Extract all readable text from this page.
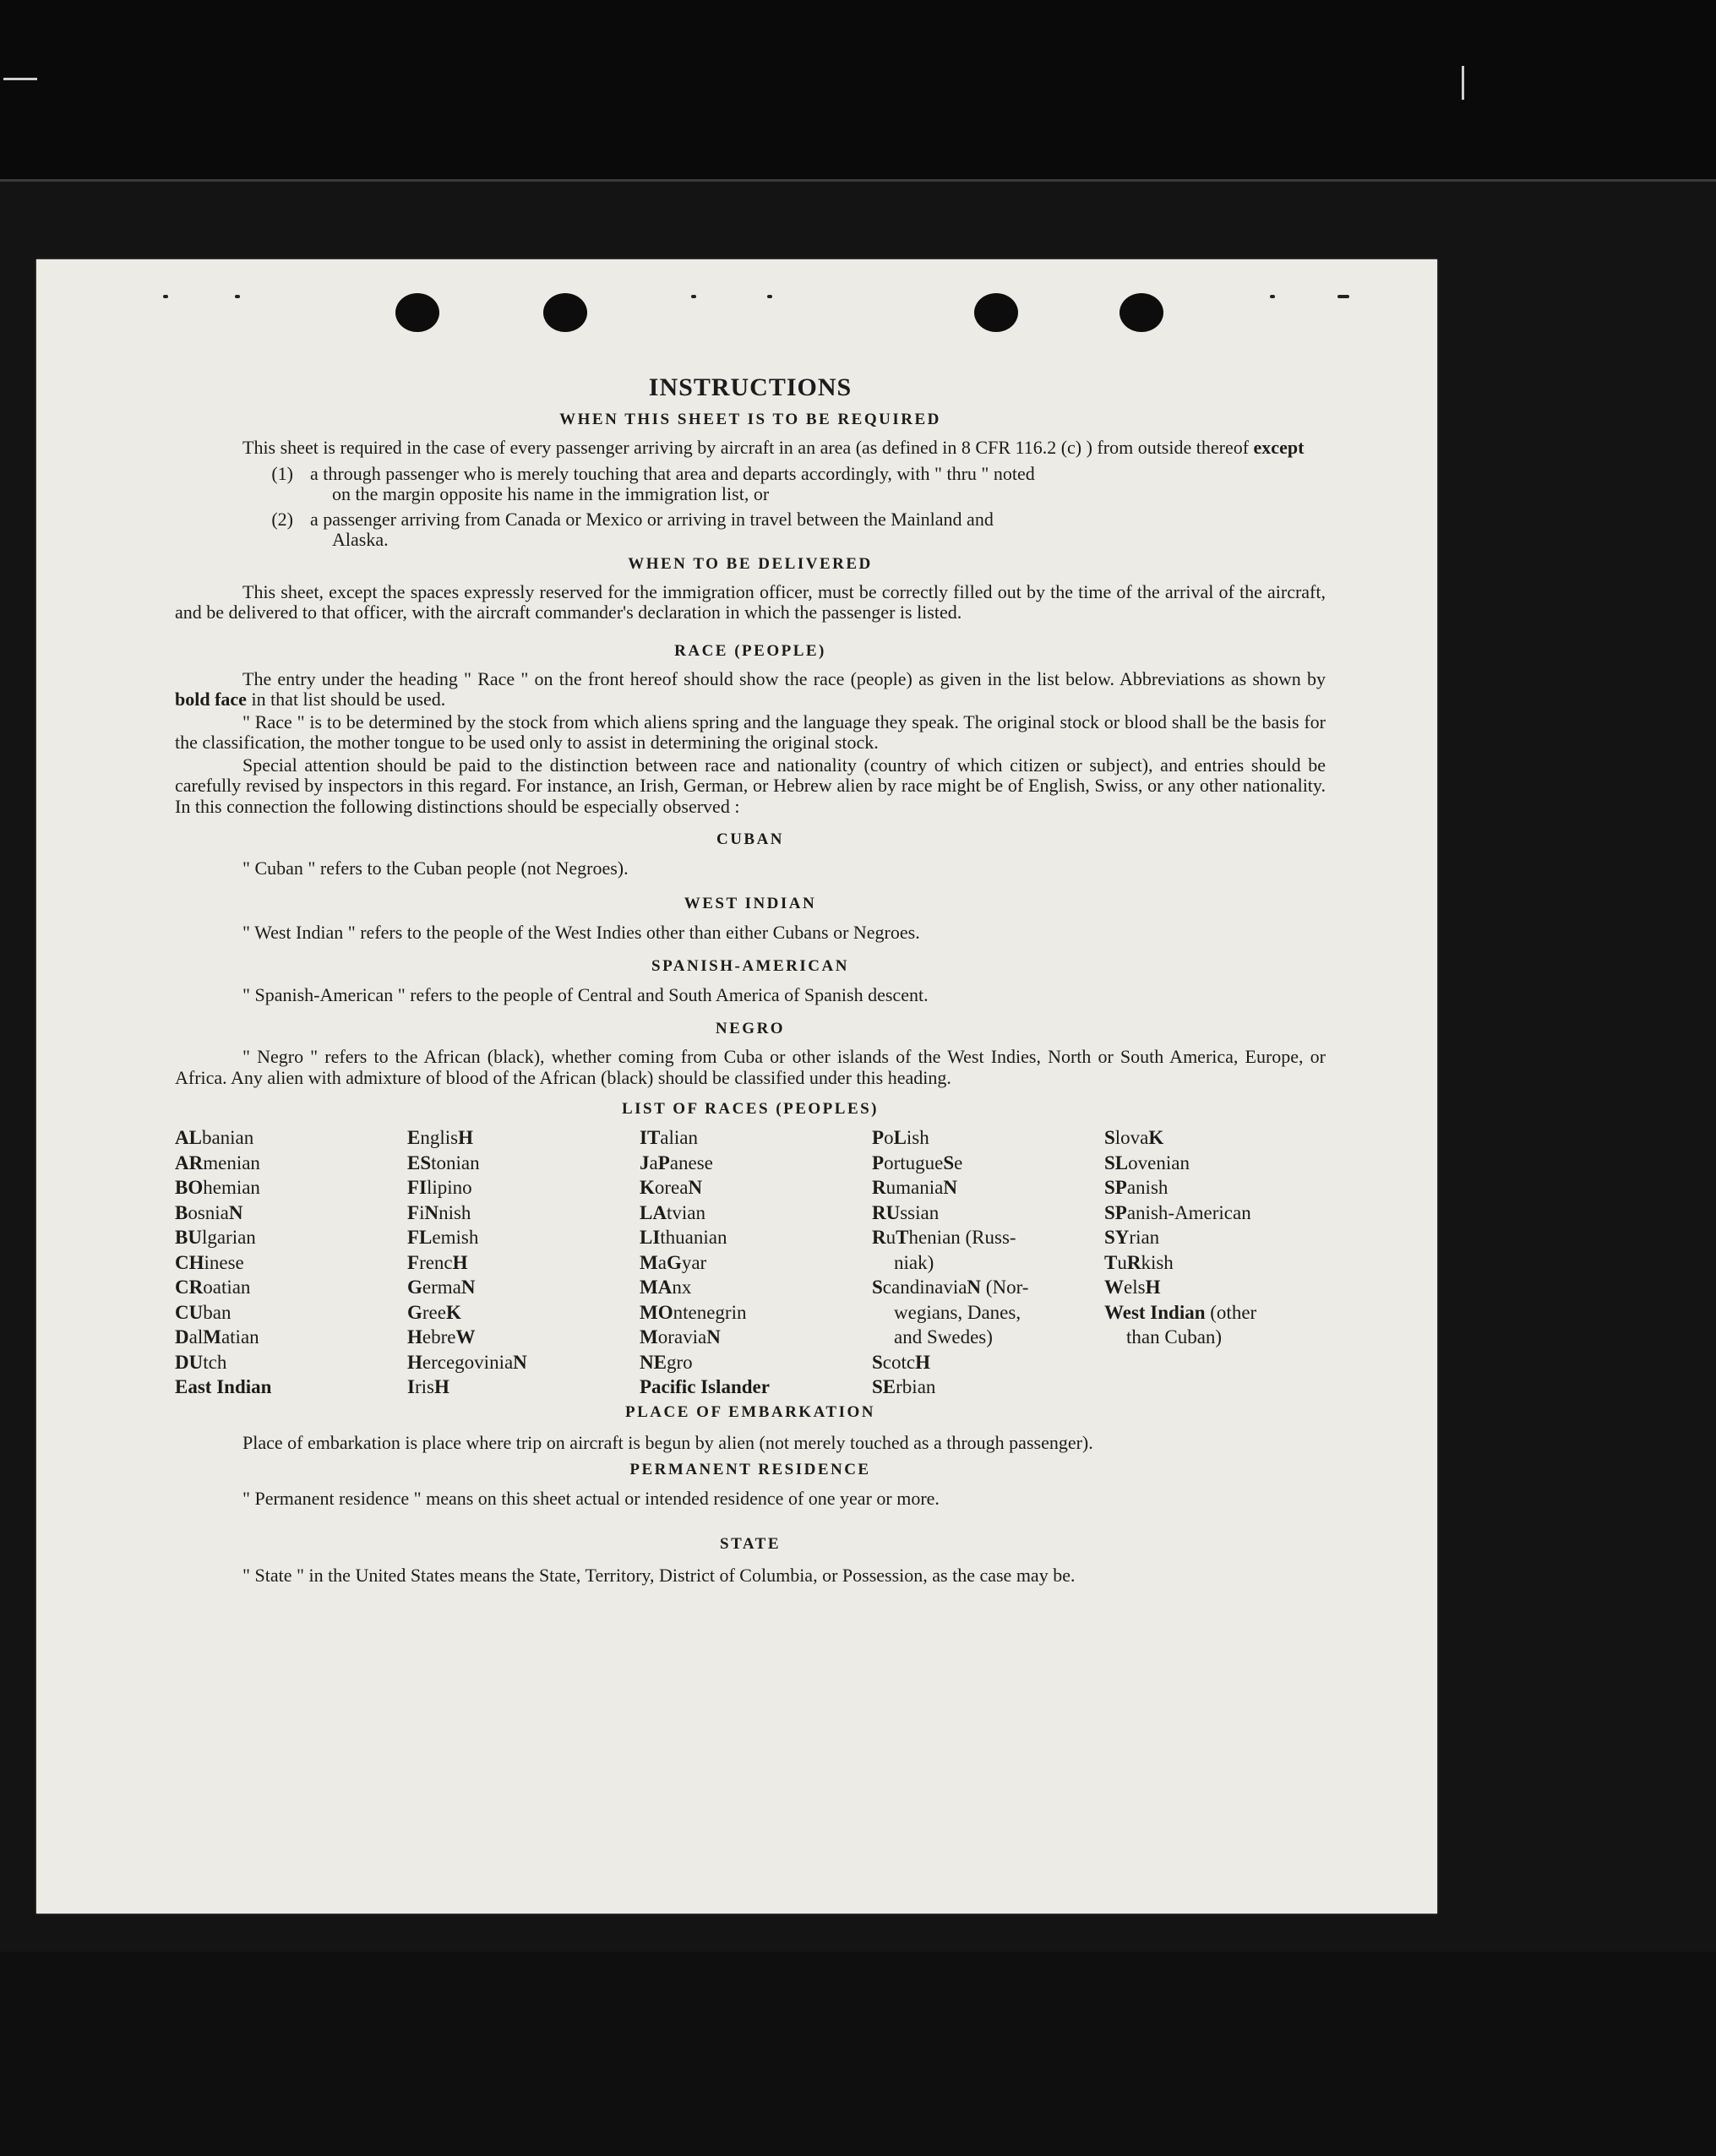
INSTRUCTIONS
WHEN THIS SHEET IS TO BE REQUIRED

This sheet is required in the case of every passenger arriving by aircraft in an area (as defined in 8 CFR 116.2 (c) ) from outside thereof except

(1) a through passenger who is merely touching that area and departs accordingly, with " thru " noted
on the margin opposite his name in the immigration list, or
(2) a passenger arriving from Canada or Mexico or arriving in travel between the Mainland and
Alaska.
WHEN TO BE DELIVERED

This sheet, except the spaces expressly reserved for the immigration officer, must be correctly filled out by the time of the arrival of the aircraft, and be delivered to that officer, with the aircraft commander's declaration in which the passenger is listed.

RACE (PEOPLE)

The entry under the heading " Race " on the front hereof should show the race (people) as given in the list below. Abbreviations as shown by bold face in that list should be used.

" Race " is to be determined by the stock from which aliens spring and the language they speak. The original stock or blood shall be the basis for the classification, the mother tongue to be used only to assist in determining the original stock.

Special attention should be paid to the distinction between race and nationality (country of which citizen or subject), and entries should be carefully revised by inspectors in this regard. For instance, an Irish, German, or Hebrew alien by race might be of English, Swiss, or any other nationality. In this connection the following distinctions should be especially observed :

CUBAN
" Cuban " refers to the Cuban people (not Negroes).
WEST INDIAN
" West Indian " refers to the people of the West Indies other than either Cubans or Negroes.
SPANISH-AMERICAN
" Spanish-American " refers to the people of Central and South America of Spanish descent.
NEGRO

" Negro " refers to the African (black), whether coming from Cuba or other islands of the West Indies, North or South America, Europe, or Africa. Any alien with admixture of blood of the African (black) should be classified under this heading.

LIST OF RACES (PEOPLES)
ALbanian
ARmenian
BOhemian
BosniaN
BUlgarian
CHinese
CRoatian
CUban
DalMatian
DUtch
East Indian
EnglisH
EStonian
FIlipino
FiNnish
FLemish
FrencH
GermaN
GreeK
HebreW
HercegoviniaN
IrisH
ITalian
JaPanese
KoreaN
LAtvian
LIthuanian
MaGyar
MAnx
MOntenegrin
MoraviaN
NEgro
Pacific Islander
PoLish
PortugueSe
RumaniaN
RUssian
RuThenian (Russ-
niak)
ScandinaviaN (Nor-
wegians, Danes,
and Swedes)
ScotcH
SErbian
SlovaK
SLovenian
SPanish
SPanish-American
SYrian
TuRkish
WelsH
West Indian (other
than Cuban)
PLACE OF EMBARKATION

Place of embarkation is place where trip on aircraft is begun by alien (not merely touched as a through passenger).

PERMANENT RESIDENCE
" Permanent residence " means on this sheet actual or intended residence of one year or more.
STATE

" State " in the United States means the State, Territory, District of Columbia, or Possession, as the case may be.
